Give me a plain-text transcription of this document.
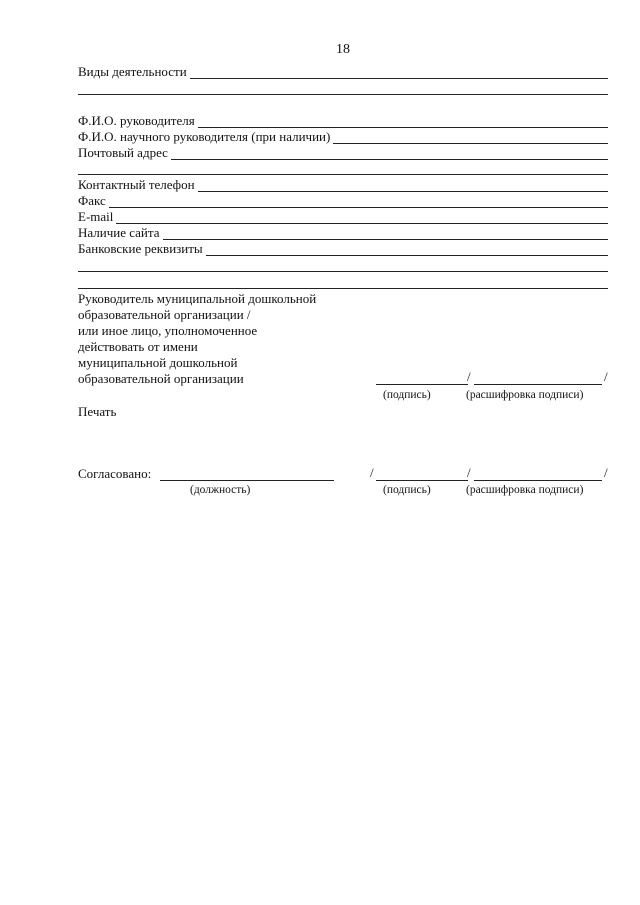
18
Виды деятельности
Ф.И.О. руководителя
Ф.И.О. научного руководителя (при наличии)
Почтовый адрес
Контактный телефон
Факс
E-mail
Наличие сайта
Банковские реквизиты
Руководитель муниципальной дошкольной
образовательной организации /
или иное лицо, уполномоченное
действовать от имени
муниципальной дошкольной
образовательной организации	/	/
(подпись)	(расшифровка подписи)
Печать
Согласовано:	/	/	/
(должность)	(подпись)	(расшифровка подписи)
